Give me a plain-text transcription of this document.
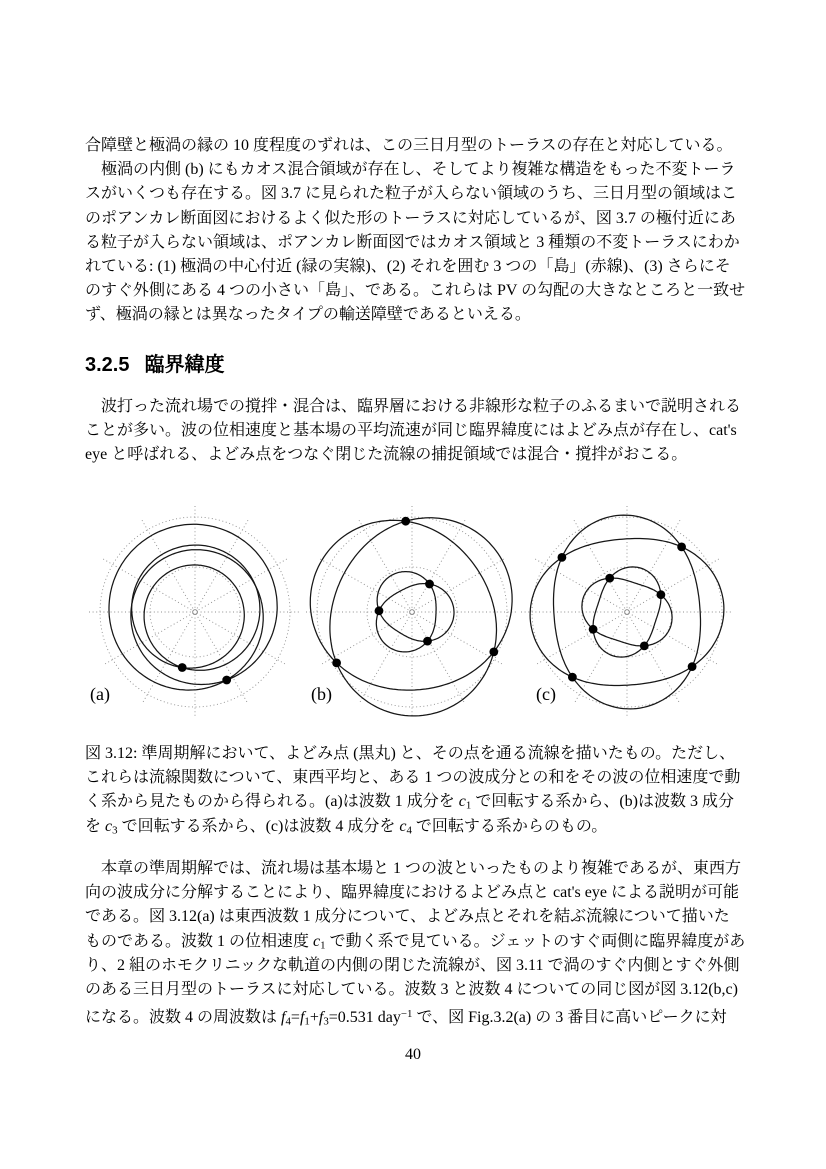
合障壁と極渦の縁の 10 度程度のずれは、この三日月型のトーラスの存在と対応している。
　極渦の内側 (b) にもカオス混合領域が存在し、そしてより複雑な構造をもった不変トーラ
スがいくつも存在する。図 3.7 に見られた粒子が入らない領域のうち、三日月型の領域はこ
のポアンカレ断面図におけるよく似た形のトーラスに対応しているが、図 3.7 の極付近にあ
る粒子が入らない領域は、ポアンカレ断面図ではカオス領域と 3 種類の不変トーラスにわか
れている: (1) 極渦の中心付近 (緑の実線)、(2) それを囲む 3 つの「島」(赤線)、(3) さらにそ
のすぐ外側にある 4 つの小さい「島」、である。これらは PV の勾配の大きなところと一致せ
ず、極渦の縁とは異なったタイプの輸送障壁であるといえる。
3.2.5 臨界緯度
　波打った流れ場での撹拌・混合は、臨界層における非線形な粒子のふるまいで説明される
ことが多い。波の位相速度と基本場の平均流速が同じ臨界緯度にはよどみ点が存在し、cat's
eye と呼ばれる、よどみ点をつなぐ閉じた流線の捕捉領域では混合・撹拌がおこる。
(a)	(b)	(c)
図 3.12: 準周期解において、よどみ点 (黒丸) と、その点を通る流線を描いたもの。ただし、
これらは流線関数について、東西平均と、ある 1 つの波成分との和をその波の位相速度で動
く系から見たものから得られる。(a)は波数 1 成分を $c_1$ で回転する系から、(b)は波数 3 成分
を $c_3$ で回転する系から、(c)は波数 4 成分を $c_4$ で回転する系からのもの。
　本章の準周期解では、流れ場は基本場と 1 つの波といったものより複雑であるが、東西方
向の波成分に分解することにより、臨界緯度におけるよどみ点と cat's eye による説明が可能
である。図 3.12(a) は東西波数 1 成分について、よどみ点とそれを結ぶ流線について描いた
ものである。波数 1 の位相速度 $c_1$ で動く系で見ている。ジェットのすぐ両側に臨界緯度があ
り、2 組のホモクリニックな軌道の内側の閉じた流線が、図 3.11 で渦のすぐ内側とすぐ外側
のある三日月型のトーラスに対応している。波数 3 と波数 4 についての同じ図が図 3.12(b,c)
になる。波数 4 の周波数は $f_4=f_1+f_3=0.531$ day$^{-1}$ で、図 Fig.3.2(a) の 3 番目に高いピークに対
40
